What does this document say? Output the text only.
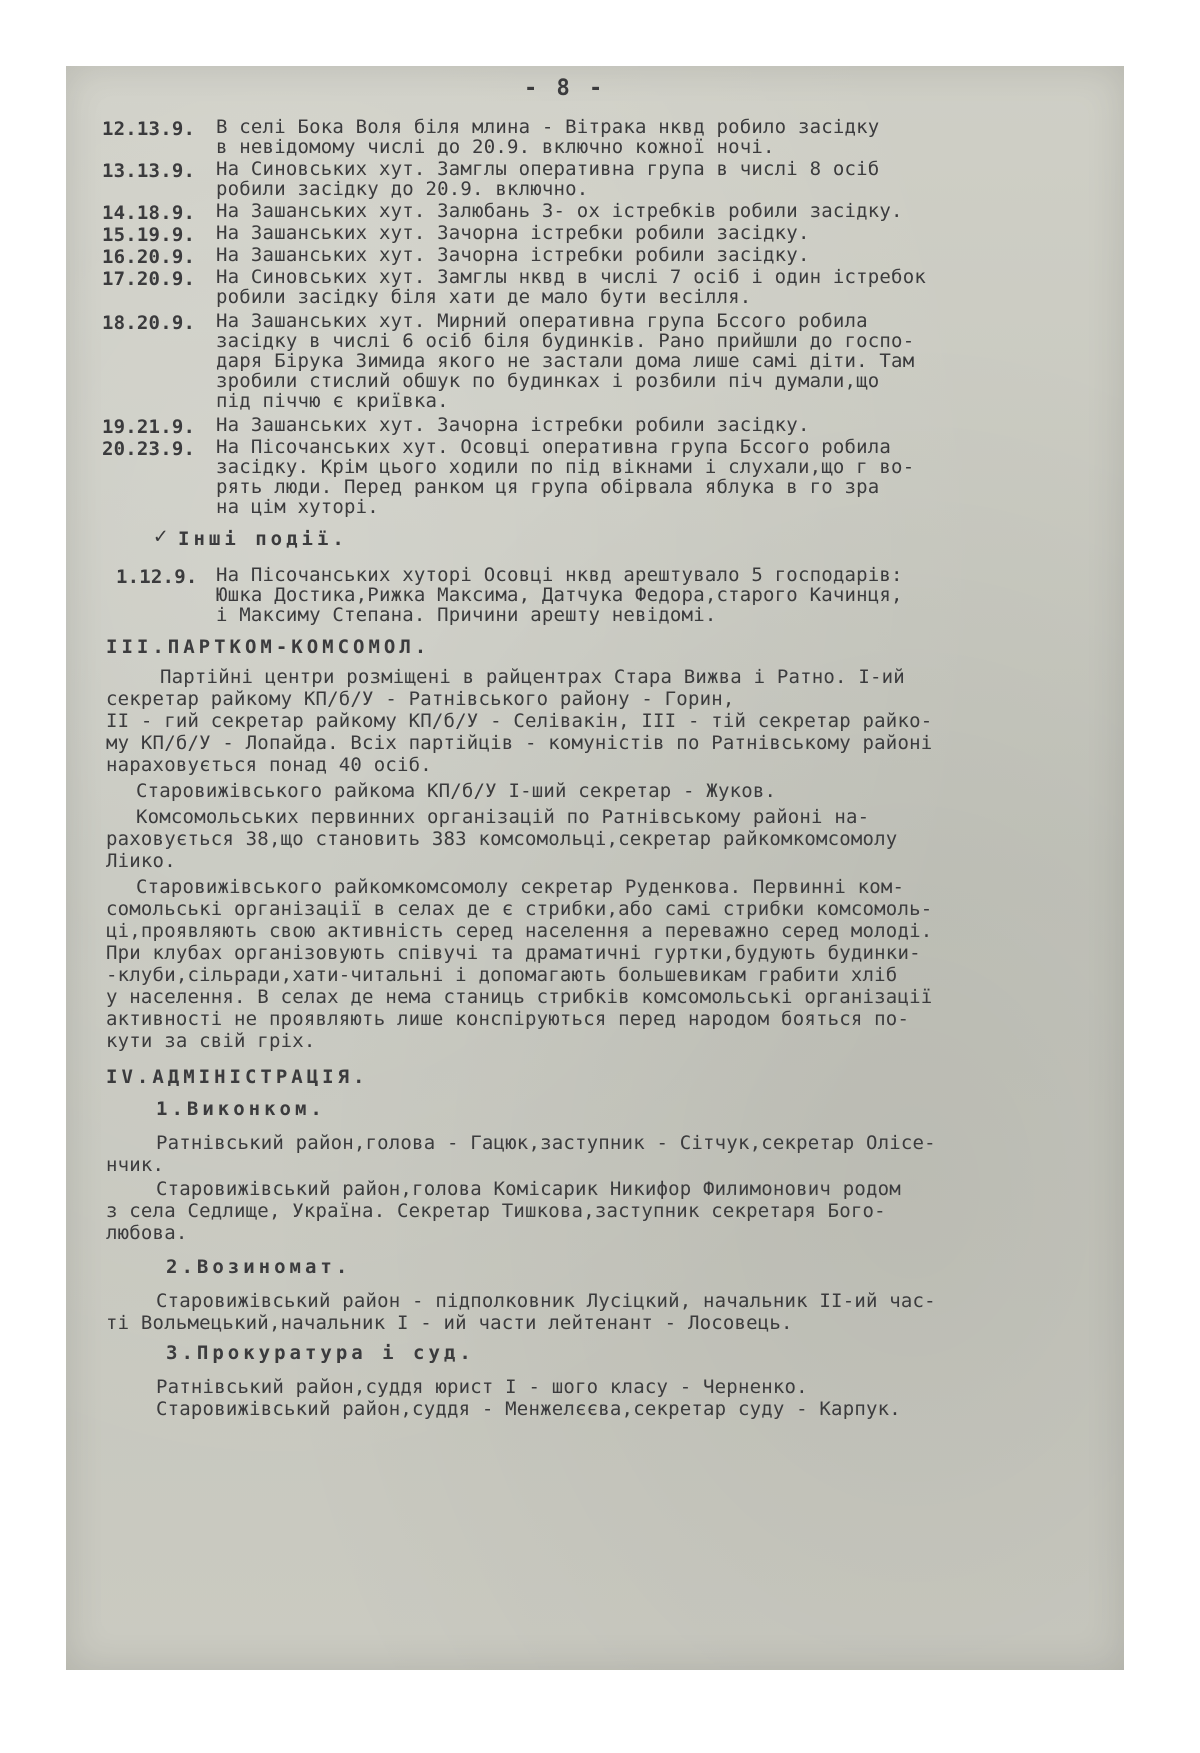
- 8 -
12.13.9. В селі Бока Воля біля млина - Вітрака нквд робило засідку
в невідомому числі до 20.9. включно кожної ночі.
13.13.9. На Синовських хут. Замглы оперативна група в числі 8 осіб
робили засідку до 20.9. включно.
14.18.9. На Зашанських хут. Залюбань 3- ох істребків робили засідку.
15.19.9. На Зашанських хут. Зачорна істребки робили засідку.
16.20.9. На Зашанських хут. Зачорна істребки робили засідку.
17.20.9. На Синовських хут. Замглы нквд в числі 7 осіб і один істребок
робили засідку біля хати де мало бути весілля.
18.20.9. На Зашанських хут. Мирний оперативна група Бссого робила
засідку в числі 6 осіб біля будинків. Рано прийшли до госпо-
даря Бірука Зимида якого не застали дома лише самі діти. Там
зробили стислий обшук по будинках і розбили піч думали,що
під піччю є криївка.
19.21.9. На Зашанських хут. Зачорна істребки робили засідку.
20.23.9. На Пісочанських хут. Осовці оперативна група Бссого робила
засідку. Крім цього ходили по під вікнами і слухали,що г во-
рять люди. Перед ранком ця група обірвала яблука в го зра
на цім хуторі.
✓ Інші події.
1.12.9. На Пісочанських хуторі Осовці нквд арештувало 5 господарів:
Юшка Достика,Рижка Максима, Датчука Федора,старого Качинця,
і Максиму Степана. Причини арешту невідомі.
III.ПАРТКОМ-КОМСОМОЛ.
Партійні центри розміщені в райцентрах Стара Вижва і Ратно. І-ий
секретар райкому КП/б/У - Ратнівського району - Горин,
II - гий секретар райкому КП/б/У - Селівакін, III - тій секретар райко-
му КП/б/У - Лопайда. Всіх партійців - комуністів по Ратнівському районі
нараховується понад 40 осіб.
Старовижівського райкома КП/б/У І-ший секретар - Жуков.
Комсомольських первинних організацій по Ратнівському районі на-
раховується 38,що становить 383 комсомольці,секретар райкомкомсомолу
Ліико.
Старовижівського райкомкомсомолу секретар Руденкова. Первинні ком-
сомольські організації в селах де є стрибки,або самі стрибки комсомоль-
ці,проявляють свою активність серед населення а переважно серед молоді.
При клубах організовують співучі та драматичні гуртки,будують будинки-
-клуби,сільради,хати-читальні і допомагають большевикам грабити хліб
у населення. В селах де нема станиць стрибків комсомольські організації
активності не проявляють лише конспіруються перед народом бояться по-
кути за свій гріх.
IV.АДМІНІСТРАЦІЯ.
1.Виконком.
Ратнівський район,голова - Гацюк,заступник - Сітчук,секретар Олісе-
нчик.
Старовижівський район,голова Комісарик Никифор Филимонович родом
з села Седлище, Україна. Секретар Тишкова,заступник секретаря Бого-
любова.
2.Возиномат.
Старовижівський район - підполковник Лусіцкий, начальник II-ий час-
ті Вольмецький,начальник І - ий части лейтенант - Лосовець.
3.Прокуратура і суд.
Ратнівський район,суддя юрист I - шого класу - Черненко.
Старовижівський район,суддя - Менжелєєва,секретар суду - Карпук.
